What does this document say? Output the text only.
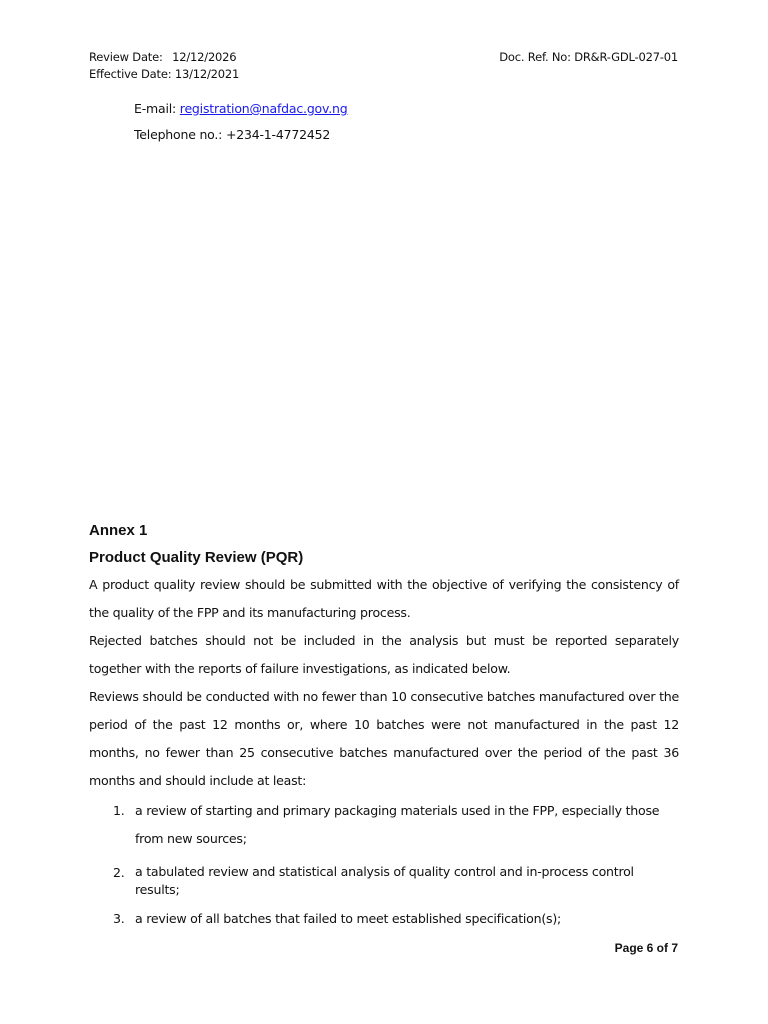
Review Date: 12/12/2026
Effective Date: 13/12/2021
Doc. Ref. No: DR&R-GDL-027-01
E-mail: registration@nafdac.gov.ng
Telephone no.: +234-1-4772452
Annex 1
Product Quality Review (PQR)

A product quality review should be submitted with the objective of verifying the consistency of the quality of the FPP and its manufacturing process.

Rejected batches should not be included in the analysis but must be reported separately together with the reports of failure investigations, as indicated below.

Reviews should be conducted with no fewer than 10 consecutive batches manufactured over the period of the past 12 months or, where 10 batches were not manufactured in the past 12 months, no fewer than 25 consecutive batches manufactured over the period of the past 36 months and should include at least:

1. a review of starting and primary packaging materials used in the FPP, especially those from new sources;
2. a tabulated review and statistical analysis of quality control and in-process control results;
3. a review of all batches that failed to meet established specification(s);
Page 6 of 7
